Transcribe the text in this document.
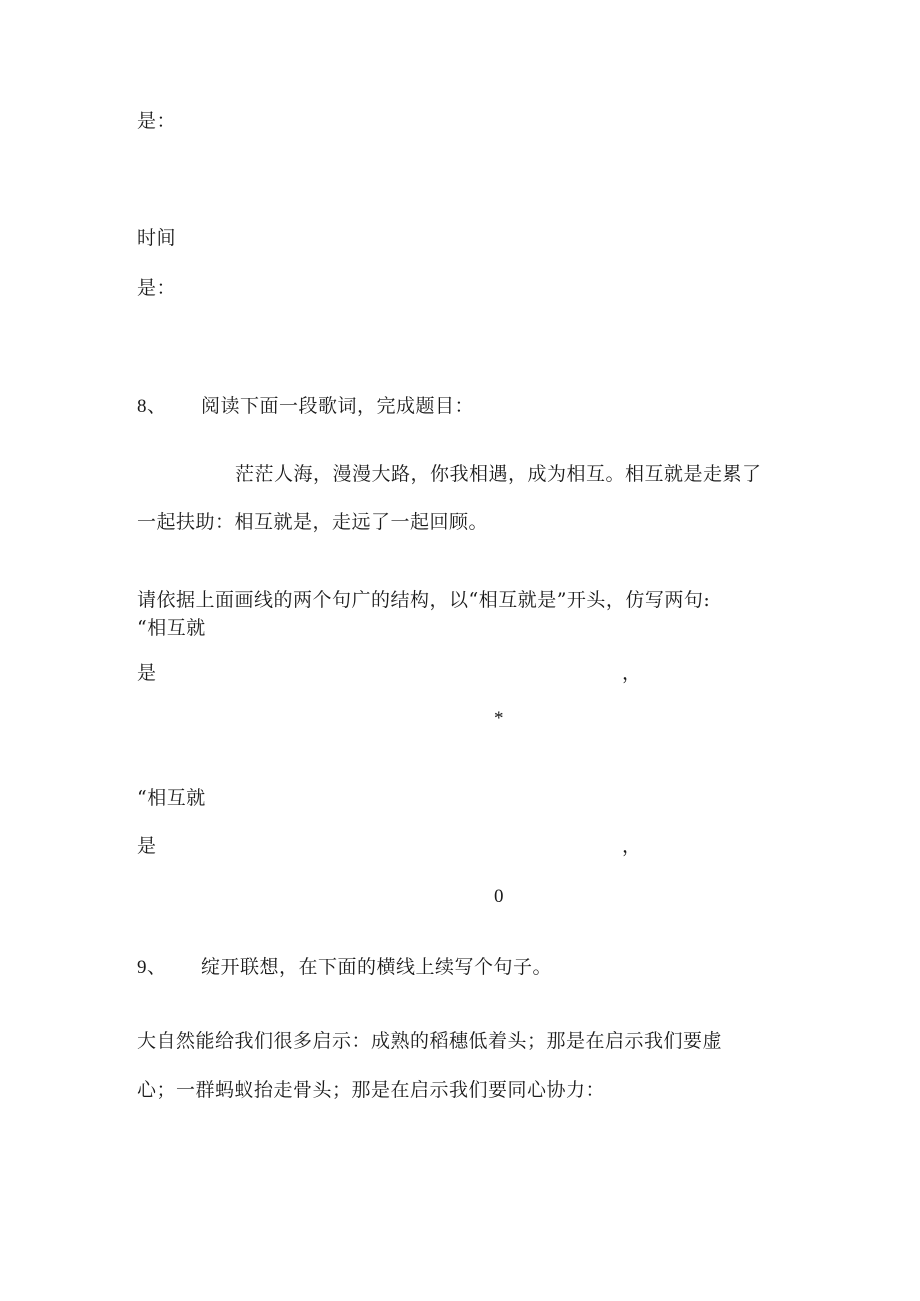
是：
时间
是：
8、 阅读下面一段歌词，完成题目：
茫茫人海，漫漫大路，你我相遇，成为相互。相互就是走累了
一起扶助：相互就是，走远了一起回顾。
请依据上面画线的两个句广的结构，以“相互就是”开头，仿写两句:
“相互就
是	，
*
“相互就
是	，
0
9、 绽开联想，在下面的横线上续写个句子。
大自然能给我们很多启示：成熟的稻穗低着头；那是在启示我们要虚
心；一群蚂蚁抬走骨头；那是在启示我们要同心协力：
